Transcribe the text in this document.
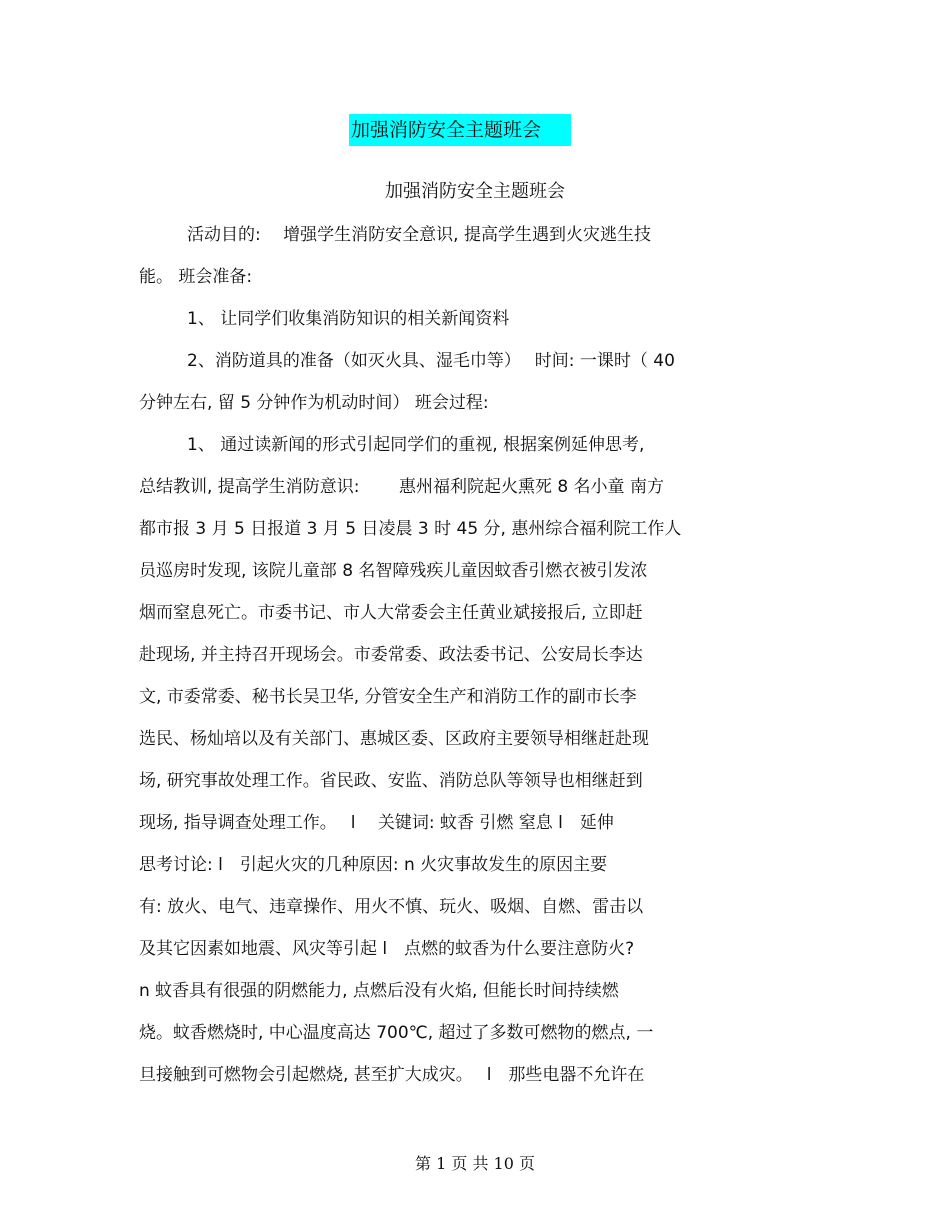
加强消防安全主题班会
加强消防安全主题班会
活动目的:　 增强学生消防安全意识, 提高学生遇到火灾逃生技
能。 班会准备:
1、 让同学们收集消防知识的相关新闻资料
2、消防道具的准备（如灭火具、湿毛巾等）　 时间: 一课时（ 40
分钟左右, 留 5 分钟作为机动时间） 班会过程:
1、 通过读新闻的形式引起同学们的重视, 根据案例延伸思考,
总结教训, 提高学生消防意识:　　 惠州福利院起火熏死 8 名小童 南方
都市报 3 月 5 日报道 3 月 5 日凌晨 3 时 45 分, 惠州综合福利院工作人
员巡房时发现, 该院儿童部 8 名智障残疾儿童因蚊香引燃衣被引发浓
烟而窒息死亡。市委书记、市人大常委会主任黄业斌接报后, 立即赶
赴现场, 并主持召开现场会。市委常委、政法委书记、公安局长李达
文, 市委常委、秘书长吴卫华, 分管安全生产和消防工作的副市长李
选民、杨灿培以及有关部门、惠城区委、区政府主要领导相继赶赴现
场, 研究事故处理工作。省民政、安监、消防总队等领导也相继赶到
现场, 指导调查处理工作。　 l　 关键词: 蚊香 引燃 窒息 l　延伸
思考讨论: l　引起火灾的几种原因: n 火灾事故发生的原因主要
有: 放火、电气、违章操作、用火不慎、玩火、吸烟、自燃、雷击以
及其它因素如地震、风灾等引起 l　点燃的蚊香为什么要注意防火?
n 蚊香具有很强的阴燃能力, 点燃后没有火焰, 但能长时间持续燃
烧。蚊香燃烧时, 中心温度高达 700℃, 超过了多数可燃物的燃点, 一
旦接触到可燃物会引起燃烧, 甚至扩大成灾。　 l　那些电器不允许在
第 1 页 共 10 页
